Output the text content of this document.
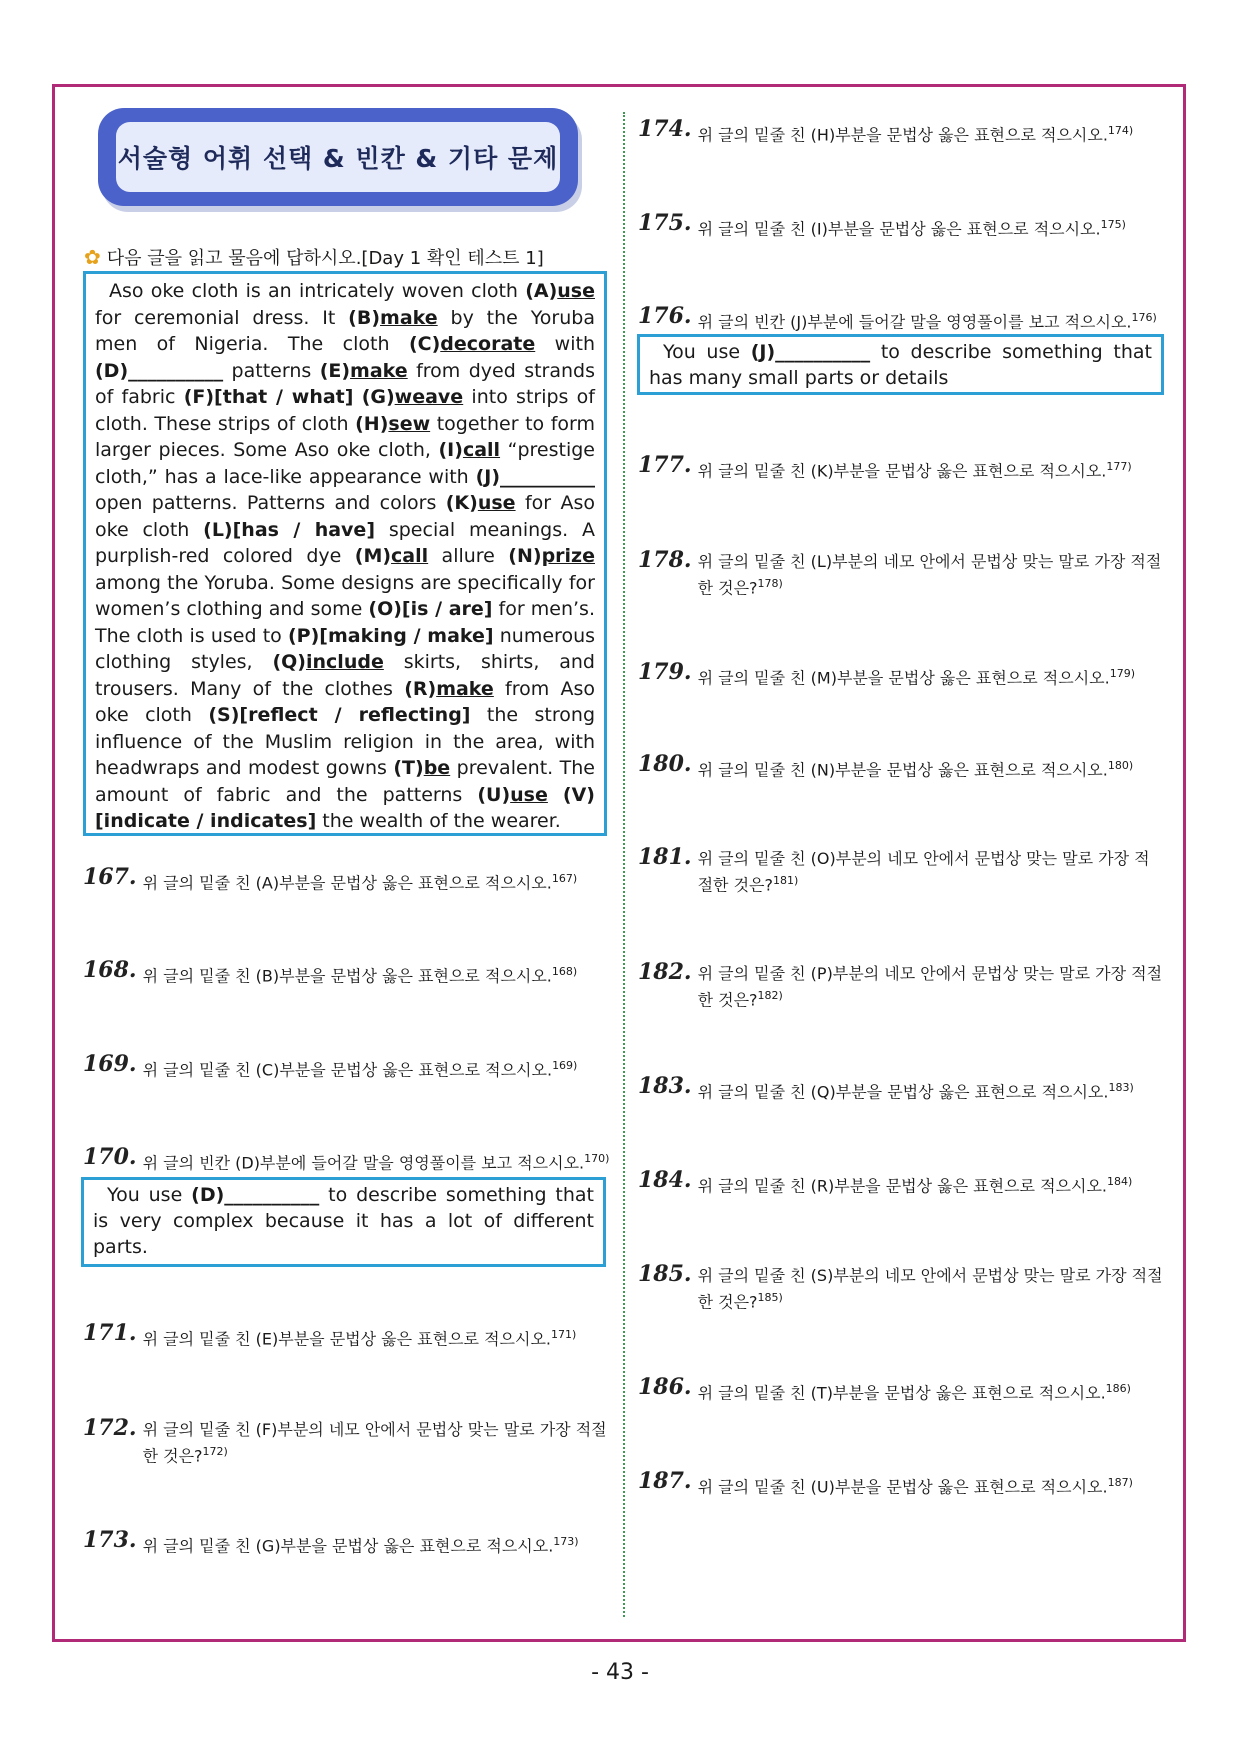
서술형 어휘 선택 & 빈칸 & 기타 문제
✿ 다음 글을 읽고 물음에 답하시오.[Day 1 확인 테스트 1]

Aso oke cloth is an intricately woven cloth (A)use for ceremonial dress. It (B)make by the Yoruba men of Nigeria. The cloth (C)decorate with (D)__________ patterns (E)make from dyed strands of fabric (F)[that / what] (G)weave into strips of cloth. These strips of cloth (H)sew together to form larger pieces. Some Aso oke cloth, (I)call “prestige cloth,” has a lace-like appearance with (J)__________ open patterns. Patterns and colors (K)use for Aso oke cloth (L)[has / have] special meanings. A purplish-red colored dye (M)call allure (N)prize among the Yoruba. Some designs are specifically for women’s clothing and some (O)[is / are] for men’s. The cloth is used to (P)[making / make] numerous clothing styles, (Q)include skirts, shirts, and trousers. Many of the clothes (R)make from Aso oke cloth (S)[reflect / reflecting] the strong influence of the Muslim religion in the area, with headwraps and modest gowns (T)be prevalent. The amount of fabric and the patterns (U)use (V)[indicate / indicates] the wealth of the wearer.

167. 위 글의 밑줄 친 (A)부분을 문법상 옳은 표현으로 적으시오.$^{167)}$
168. 위 글의 밑줄 친 (B)부분을 문법상 옳은 표현으로 적으시오.$^{168)}$
169. 위 글의 밑줄 친 (C)부분을 문법상 옳은 표현으로 적으시오.$^{169)}$
170. 위 글의 빈칸 (D)부분에 들어갈 말을 영영풀이를 보고 적으시오.$^{170)}$

You use (D)__________ to describe something that is very complex because it has a lot of different parts.

171. 위 글의 밑줄 친 (E)부분을 문법상 옳은 표현으로 적으시오.$^{171)}$
172. 위 글의 밑줄 친 (F)부분의 네모 안에서 문법상 맞는 말로 가장 적절한 것은?$^{172)}$
173. 위 글의 밑줄 친 (G)부분을 문법상 옳은 표현으로 적으시오.$^{173)}$
174. 위 글의 밑줄 친 (H)부분을 문법상 옳은 표현으로 적으시오.$^{174)}$
175. 위 글의 밑줄 친 (I)부분을 문법상 옳은 표현으로 적으시오.$^{175)}$
176. 위 글의 빈칸 (J)부분에 들어갈 말을 영영풀이를 보고 적으시오.$^{176)}$

You use (J)__________ to describe something that has many small parts or details

177. 위 글의 밑줄 친 (K)부분을 문법상 옳은 표현으로 적으시오.$^{177)}$
178. 위 글의 밑줄 친 (L)부분의 네모 안에서 문법상 맞는 말로 가장 적절한 것은?$^{178)}$
179. 위 글의 밑줄 친 (M)부분을 문법상 옳은 표현으로 적으시오.$^{179)}$
180. 위 글의 밑줄 친 (N)부분을 문법상 옳은 표현으로 적으시오.$^{180)}$
181. 위 글의 밑줄 친 (O)부분의 네모 안에서 문법상 맞는 말로 가장 적절한 것은?$^{181)}$
182. 위 글의 밑줄 친 (P)부분의 네모 안에서 문법상 맞는 말로 가장 적절한 것은?$^{182)}$
183. 위 글의 밑줄 친 (Q)부분을 문법상 옳은 표현으로 적으시오.$^{183)}$
184. 위 글의 밑줄 친 (R)부분을 문법상 옳은 표현으로 적으시오.$^{184)}$
185. 위 글의 밑줄 친 (S)부분의 네모 안에서 문법상 맞는 말로 가장 적절한 것은?$^{185)}$
186. 위 글의 밑줄 친 (T)부분을 문법상 옳은 표현으로 적으시오.$^{186)}$
187. 위 글의 밑줄 친 (U)부분을 문법상 옳은 표현으로 적으시오.$^{187)}$
- 43 -
